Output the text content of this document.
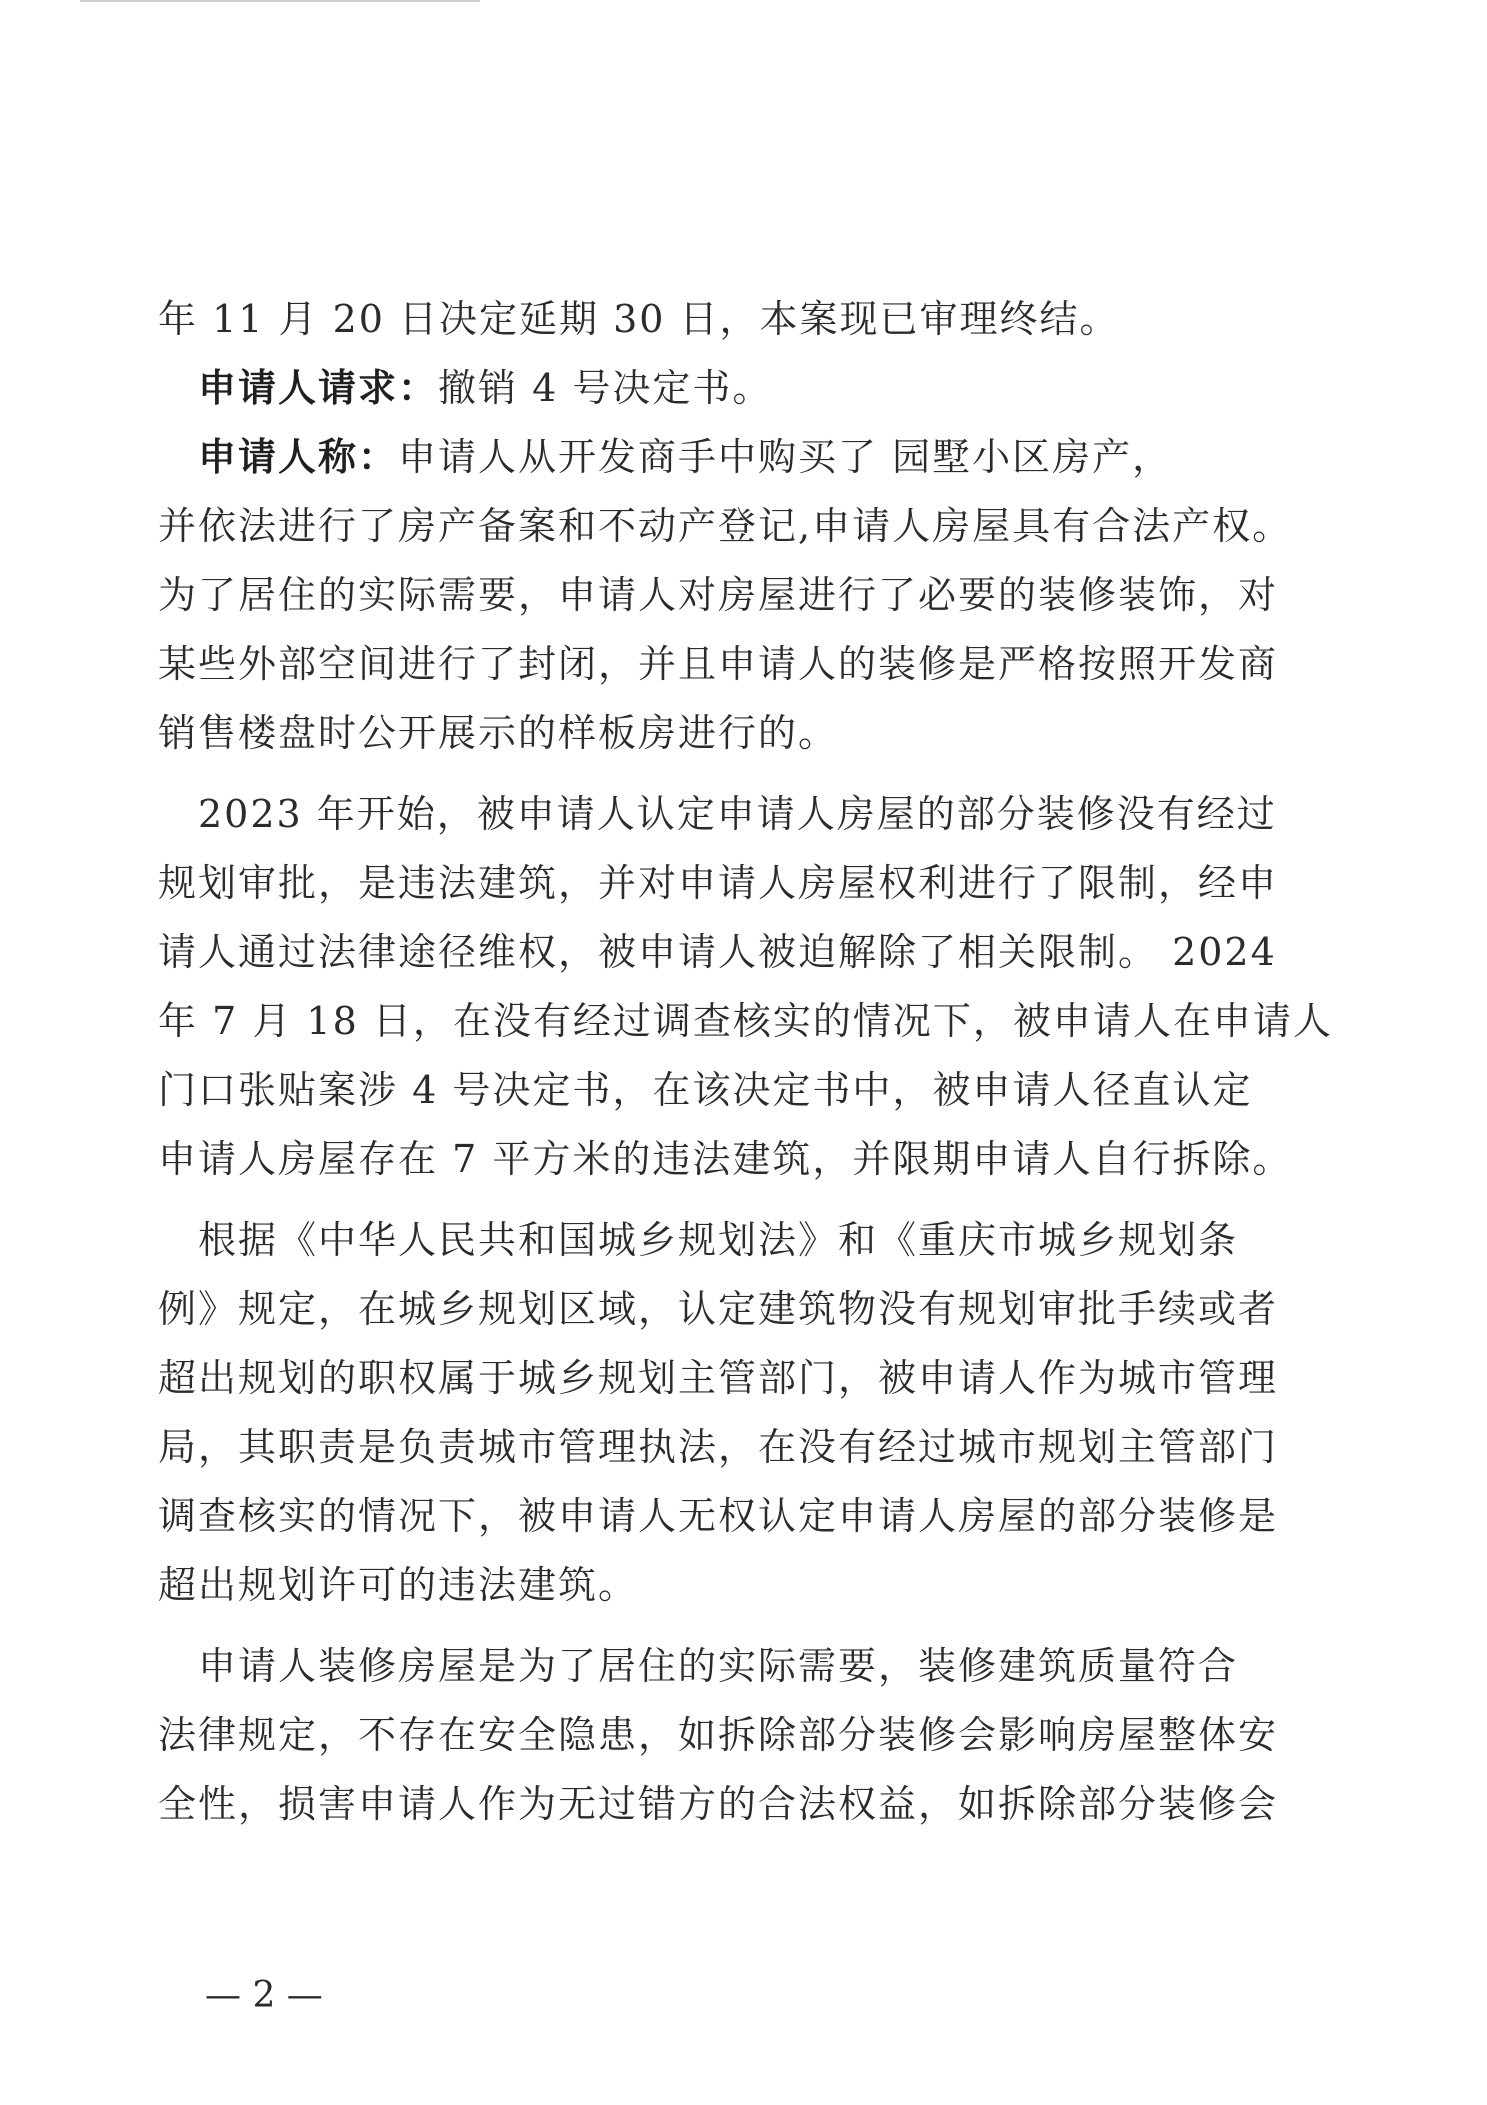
年 11 月 20 日决定延期 30 日，本案现已审理终结。
　申请人请求：撤销 4 号决定书。
　申请人称：申请人从开发商手中购买了 园墅小区房产，
并依法进行了房产备案和不动产登记,申请人房屋具有合法产权。
为了居住的实际需要，申请人对房屋进行了必要的装修装饰，对
某些外部空间进行了封闭，并且申请人的装修是严格按照开发商
销售楼盘时公开展示的样板房进行的。
　2023 年开始，被申请人认定申请人房屋的部分装修没有经过
规划审批，是违法建筑，并对申请人房屋权利进行了限制，经申
请人通过法律途径维权，被申请人被迫解除了相关限制。 2024
年 7 月 18 日，在没有经过调查核实的情况下，被申请人在申请人
门口张贴案涉 4 号决定书，在该决定书中，被申请人径直认定
申请人房屋存在 7 平方米的违法建筑，并限期申请人自行拆除。
　根据《中华人民共和国城乡规划法》和《重庆市城乡规划条
例》规定，在城乡规划区域，认定建筑物没有规划审批手续或者
超出规划的职权属于城乡规划主管部门，被申请人作为城市管理
局，其职责是负责城市管理执法，在没有经过城市规划主管部门
调查核实的情况下，被申请人无权认定申请人房屋的部分装修是
超出规划许可的违法建筑。
　申请人装修房屋是为了居住的实际需要，装修建筑质量符合
法律规定，不存在安全隐患，如拆除部分装修会影响房屋整体安
全性，损害申请人作为无过错方的合法权益，如拆除部分装修会
— 2 —
